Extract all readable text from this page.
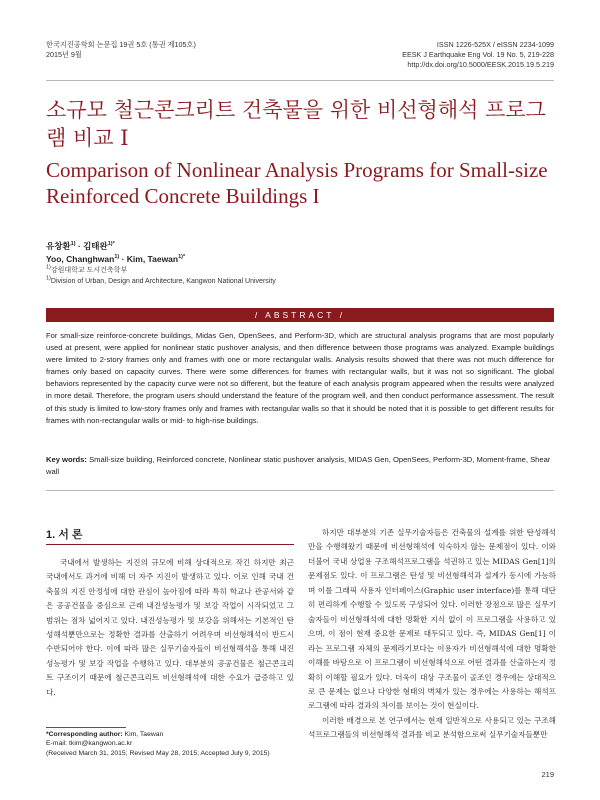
한국지진공학회 논문집 19권 5호 (통권 제105호)
2015년 9월
ISSN 1226-525X / eISSN 2234-1099
EESK J Earthquake Eng Vol. 19 No. 5, 219-228
http://dx.doi.org/10.5000/EESK.2015.19.5.219
소규모 철근콘크리트 건축물을 위한 비선형해석 프로그램 비교 I
Comparison of Nonlinear Analysis Programs for Small-size Reinforced Concrete Buildings I
유창환$^{1)}$ · 김태완$^{1)*}$
Yoo, Changhwan$^{1)}$ · Kim, Taewan$^{1)*}$
$^{1)}$강원대학교 도시건축학부
$^{1)}$Division of Urban, Design and Architecture, Kangwon National University
/ ABSTRACT /

For small-size reinforce-concrete buildings, Midas Gen, OpenSees, and Perform-3D, which are structural analysis programs that are most popularly used at present, were applied for nonlinear static pushover analysis, and then difference between those programs was analyzed. Example buildings were limited to 2-story frames only and frames with one or more rectangular walls. Analysis results showed that there was not much difference for frames only based on capacity curves. There were some differences for frames with rectangular walls, but it was not so significant. The global behaviors represented by the capacity curve were not so different, but the feature of each analysis program appeared when the results were analyzed in more detail. Therefore, the program users should understand the feature of the program well, and then conduct performance assessment. The result of this study is limited to low-story frames only and frames with rectangular walls so that it should be noted that it is possible to get different results for frames with non-rectangular walls or mid- to high-rise buildings.

Key words: Small-size building, Reinforced concrete, Nonlinear static pushover analysis, MIDAS Gen, OpenSees, Perform-3D, Moment-frame, Shear wall
1. 서 론

국내에서 발생하는 지진의 규모에 비해 상대적으로 작긴 하지만 최근 국내에서도 과거에 비해 더 자주 지진이 발생하고 있다. 이로 인해 국내 건축물의 지진 안정성에 대한 관심이 높아짐에 따라 특히 학교나 관공서와 같은 공공건물을 중심으로 근래 내진성능평가 및 보강 작업이 시작되었고 그 범위는 점차 넓어지고 있다. 내진성능평가 및 보강을 위해서는 기본적인 탄성해석뿐만으로는 정확한 결과를 산출하기 어려우며 비선형해석이 반드시 수반되어야 한다. 이에 따라 많은 실무기술자들이 비선형해석을 통해 내진성능평가 및 보강 작업을 수행하고 있다. 대부분의 공공건물은 철근콘크리트 구조이기 때문에 철근콘크리트 비선형해석에 대한 수요가 급증하고 있다.

하지만 대부분의 기존 실무기술자들은 건축물의 설계를 위한 탄성해석만을 수행해왔기 때문에 비선형해석에 익숙하지 않는 문제점이 있다. 이와 더불어 국내 상업용 구조해석프로그램을 석권하고 있는 MIDAS Gen[1]의 문제점도 있다. 이 프로그램은 탄성 및 비선형해석과 설계가 동시에 가능하며 이를 그래픽 사용자 인터페이스(Graphic user interface)를 통해 대단히 편리하게 수행할 수 있도록 구성되어 있다. 이러한 장점으로 많은 실무기술자들이 비선형해석에 대한 명확한 지식 없이 이 프로그램을 사용하고 있으며, 이 점이 현재 중요한 문제로 대두되고 있다. 즉, MIDAS Gen[1] 이라는 프로그램 자체의 문제라기보다는 이용자가 비선형해석에 대한 명확한 이해를 바탕으로 이 프로그램이 비선형해석으로 어떤 결과를 산출하는지 정확히 이해할 필요가 있다. 더욱이 대상 구조물이 골조인 경우에는 상대적으로 큰 문제는 없으나 다양한 형태의 벽체가 있는 경우에는 사용하는 해석프로그램에 따라 결과의 차이를 보이는 것이 현실이다.

이러한 배경으로 본 연구에서는 현재 일반적으로 사용되고 있는 구조해석프로그램들의 비선형해석 결과를 비교 분석함으로써 실무기술자들뿐만

*Corresponding author: Kim, Taewan
E-mail: tkim@kangwon.ac.kr
(Received March 31, 2015; Revised May 28, 2015; Accepted July 9, 2015)
219
